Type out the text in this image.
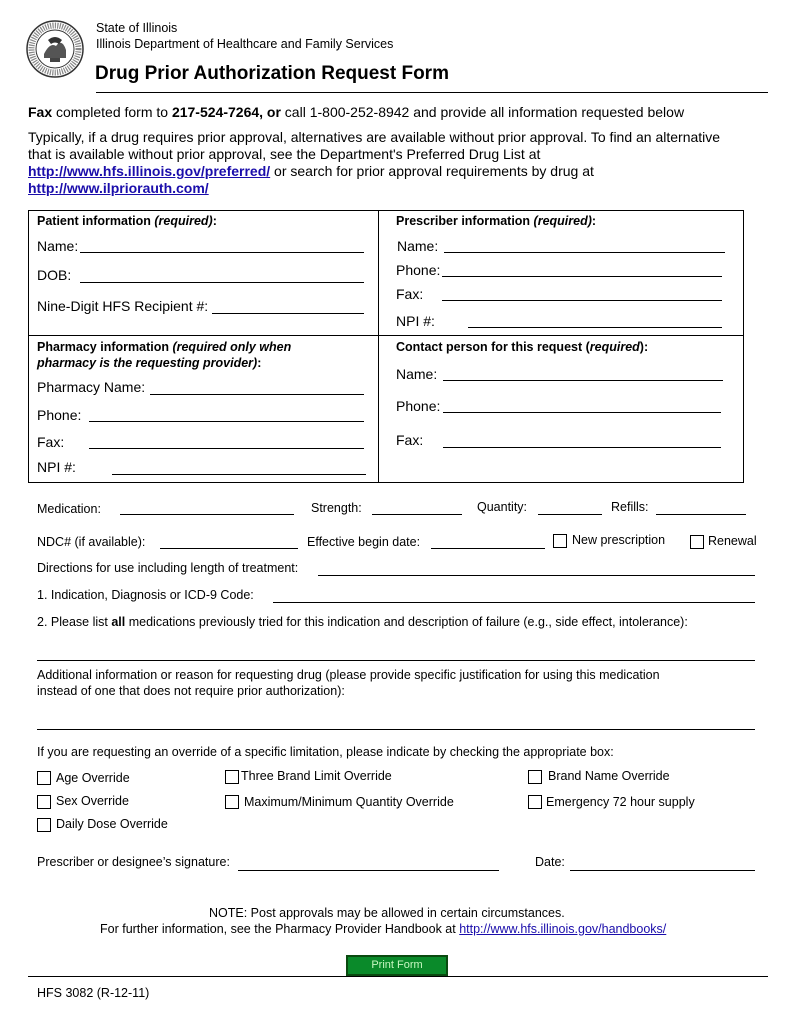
State of Illinois
Illinois Department of Healthcare and Family Services
Drug Prior Authorization Request Form
Fax completed form to 217-524-7264, or call 1-800-252-8942 and provide all information requested below
Typically, if a drug requires prior approval, alternatives are available without prior approval. To find an alternative
that is available without prior approval, see the Department's Preferred Drug List at
http://www.hfs.illinois.gov/preferred/ or search for prior approval requirements by drug at
http://www.ilpriorauth.com/
Patient information (required):
Name:
DOB:
Nine-Digit HFS Recipient #:
Prescriber information (required):
Name:
Phone:
Fax:
NPI #:
Pharmacy information (required only when
pharmacy is the requesting provider):
Pharmacy Name:
Phone:
Fax:
NPI #:
Contact person for this request (required):
Name:
Phone:
Fax:
Medication:	Strength:	Quantity:	Refills:
NDC# (if available):	Effective begin date:	New prescription	Renewal
Directions for use including length of treatment:
1. Indication, Diagnosis or ICD-9 Code:
2. Please list all medications previously tried for this indication and description of failure (e.g., side effect, intolerance):
Additional information or reason for requesting drug (please provide specific justification for using this medication
instead of one that does not require prior authorization):
If you are requesting an override of a specific limitation, please indicate by checking the appropriate box:
Age Override
Sex Override
Daily Dose Override
Three Brand Limit Override
Maximum/Minimum Quantity Override
Brand Name Override
Emergency 72 hour supply
Prescriber or designee’s signature:	Date:
NOTE: Post approvals may be allowed in certain circumstances.
For further information, see the Pharmacy Provider Handbook at http://www.hfs.illinois.gov/handbooks/
Print Form
HFS 3082 (R-12-11)
